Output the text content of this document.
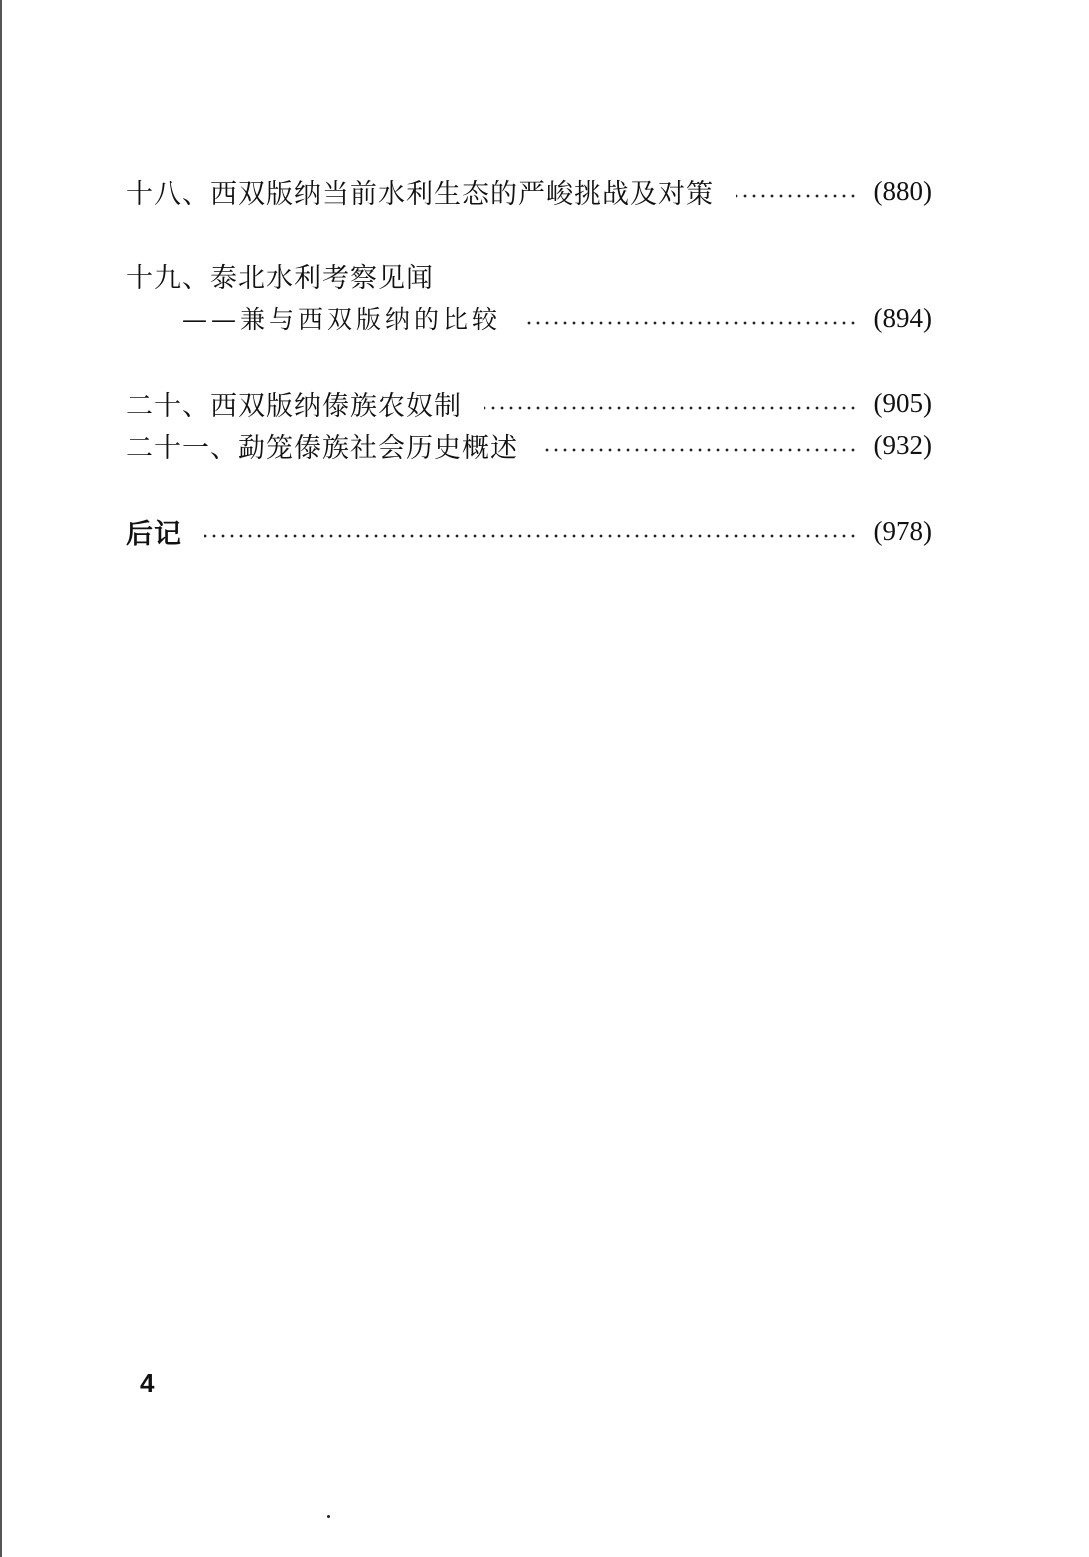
十八、西双版纳当前水利生态的严峻挑战及对策	(880)
十九、泰北水利考察见闻
——兼与西双版纳的比较	(894)
二十、西双版纳傣族农奴制	(905)
二十一、勐笼傣族社会历史概述	(932)
后记	(978)
4
